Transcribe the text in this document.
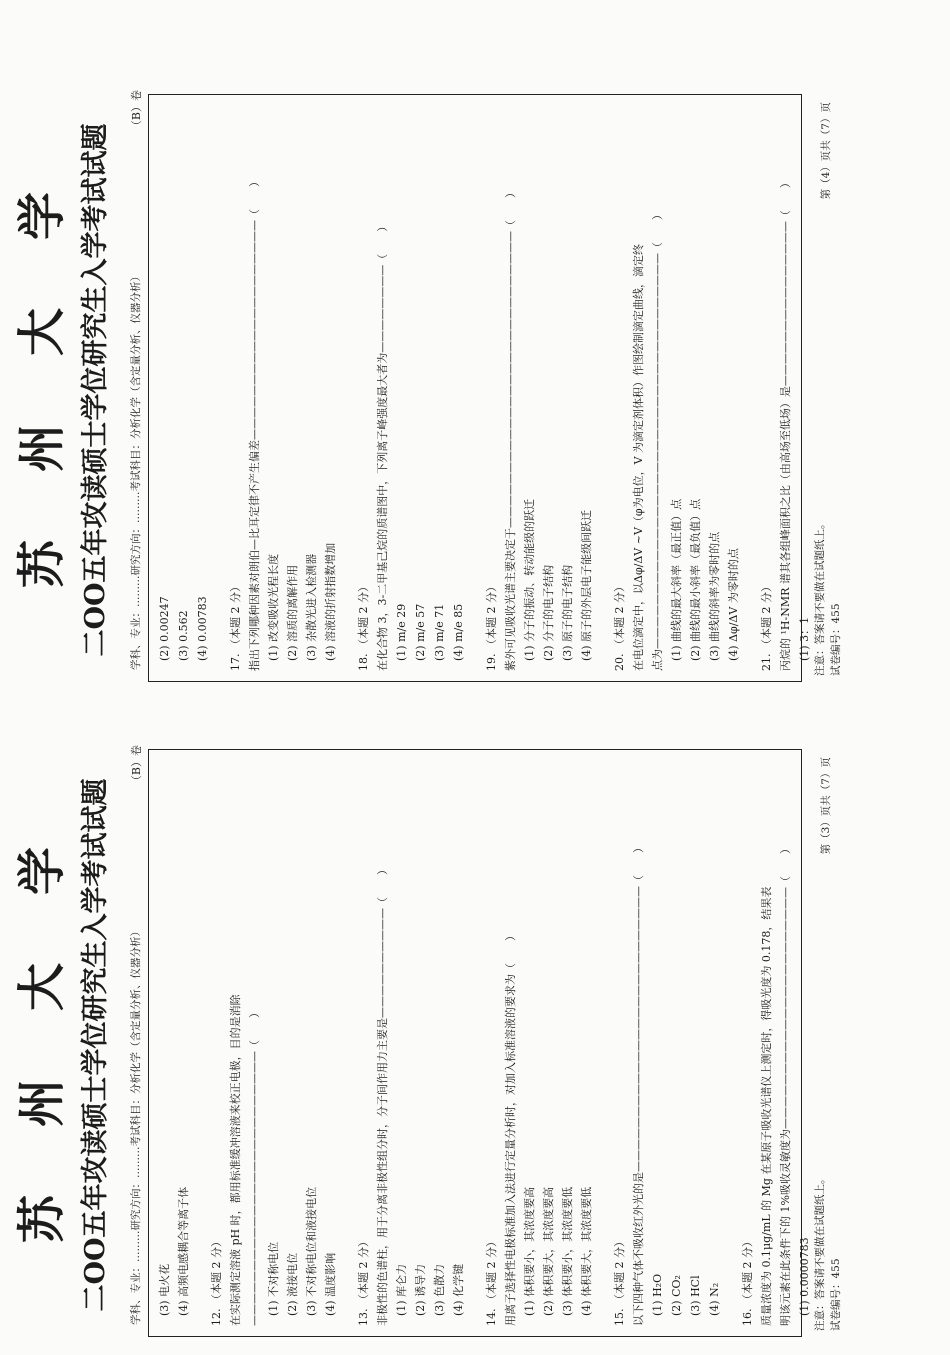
苏州大学 二OO五年攻读硕士学位研究生入学考试试题 学科、专业：………研究方向：………考试科目：分析化学（含定量分析、仪器分析）
（B）卷
(2) 0.00247 (3) 0.562 (4) 0.00783 17. （本题 2 分） 指出下列哪种因素对朗伯—比耳定律不产生偏差————————————————————（　　） (1) 改变吸收光程长度 (2) 溶质的离解作用 (3) 杂散光进入检测器 (4) 溶液的折射指数增加 18. （本题 2 分） 在化合物 3，3-二甲基己烷的质谱图中，下列离子峰强度最大者为————————（　　） (1) m/e 29 (2) m/e 57 (3) m/e 71 (4) m/e 85 19. （本题 2 分） 紫外可见吸收光谱主要决定于———————————————————————————（　　） (1) 分子的振动、转动能级的跃迁 (2) 分子的电子结构 (3) 原子的电子结构 (4) 原子的外层电子能级间跃迁 20. （本题 2 分） 在电位滴定中，以Δφ/ΔV ~V（φ为电位，V 为滴定剂体积）作图绘制滴定曲线，滴定终 点为————————————————————————————————————（　　） (1) 曲线的最大斜率（最正值）点 (2) 曲线的最小斜率（最负值）点 (3) 曲线的斜率为零时的点 (4) Δφ/ΔV 为零时的点 21. （本题 2 分） 丙烷的 ¹H-NMR 谱其各组峰面积之比（由高场至低场）是———————————————（　　） (1) 3：1 注意：答案请不要做在试题纸上。 试卷编号：455
第（4）页共（7）页
苏州大学 二OO五年攻读硕士学位研究生入学考试试题 学科、专业：………研究方向：………考试科目：分析化学（含定量分析、仪器分析）
（B）卷
(3) 电火花 (4) 高频电感耦合等离子体 12. （本题 2 分） 在实际测定溶液 pH 时，都用标准缓冲溶液来校正电极，目的是消除 —————————————————————————（　　） (1) 不对称电位 (2) 液接电位 (3) 不对称电位和液接电位 (4) 温度影响 13. （本题 2 分） 非极性的色谱柱，用于分离非极性组分时，分子间作用力主要是——————————（　　） (1) 库仑力 (2) 诱导力 (3) 色散力 (4) 化学键 14. （本题 2 分） 用离子选择性电极标准加入法进行定量分析时，对加入标准溶液的要求为（　　） (1) 体积要小，其浓度要高 (2) 体积要大，其浓度要高 (3) 体积要小，其浓度要低 (4) 体积要大，其浓度要低 15. （本题 2 分） 以下四种气体不吸收红外光的是——————————————————————————（　　） (1) H₂O (2) CO₂ (3) HCl (4) N₂ 16. （本题 2 分） 质量浓度为 0.1μg/mL 的 Mg 在某原子吸收光谱仪上测定时，得吸光度为 0.178，结果表 明该元素在此条件下的 1%吸收灵敏度为——————————————————————（　　） (1) 0.0000783 注意：答案请不要做在试题纸上。 试卷编号：455
第（3）页共（7）页
